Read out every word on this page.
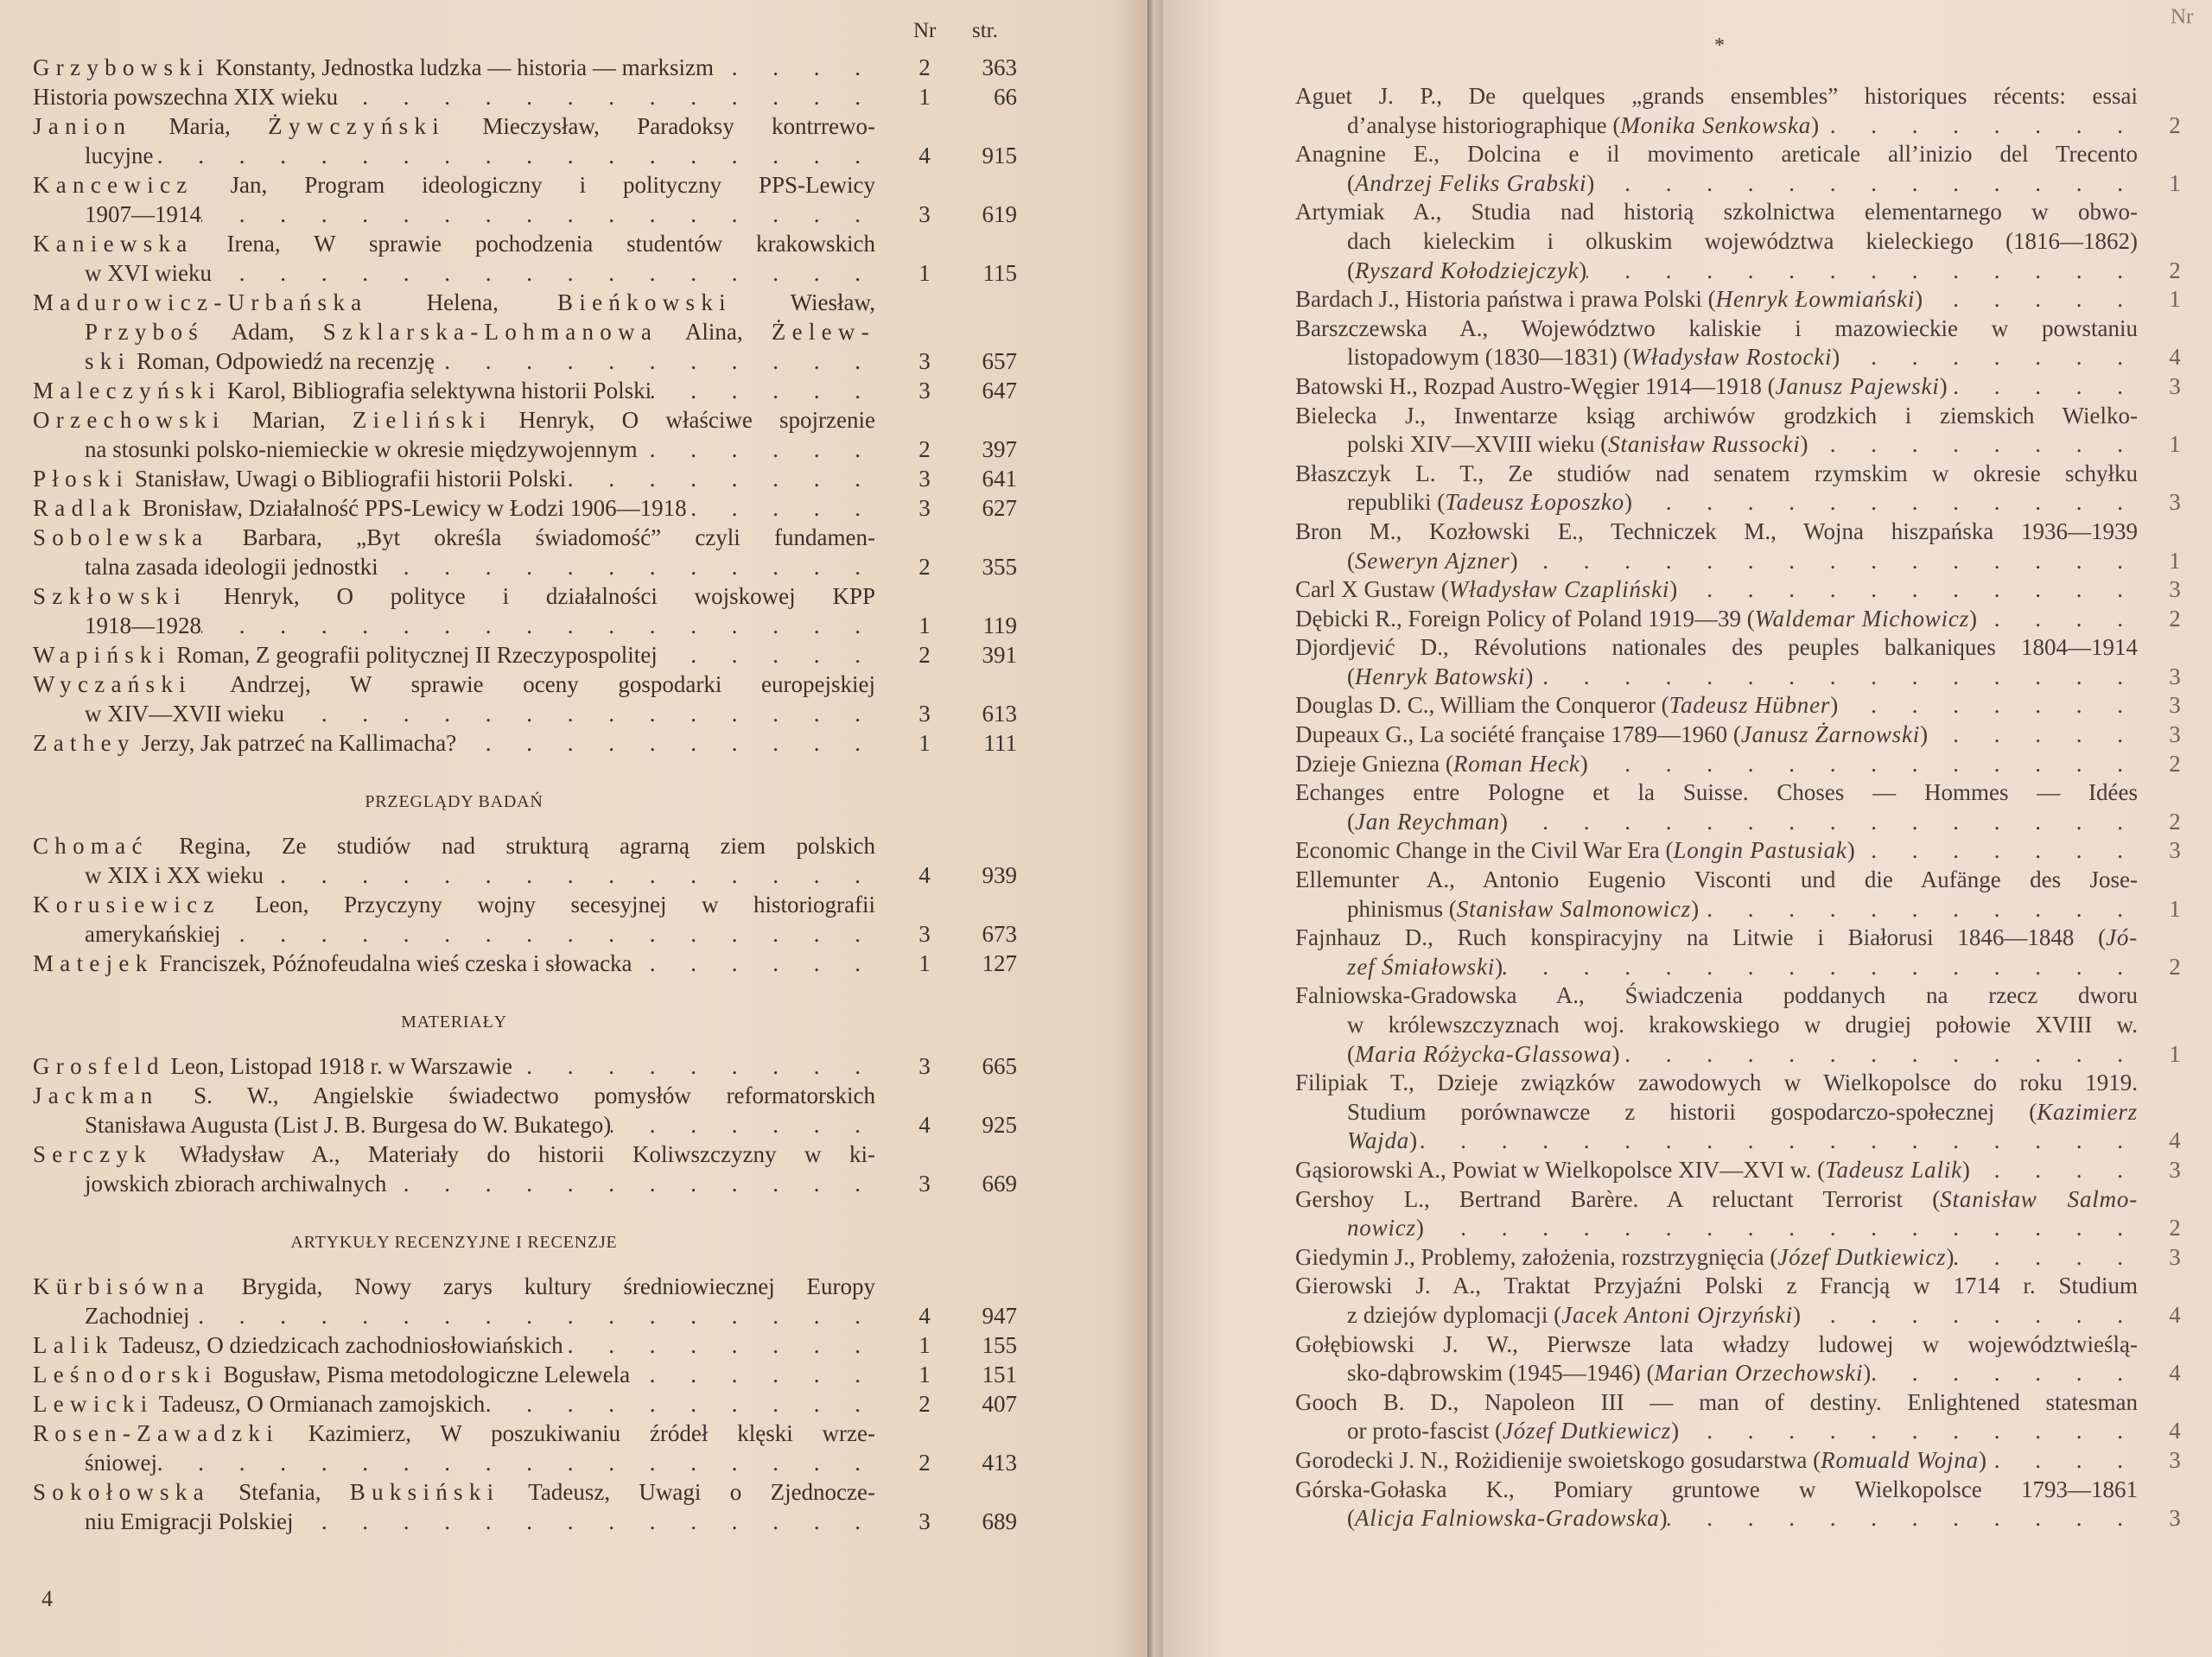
Nr str.
Grzybowski Konstanty, Jednostka ludzka — historia — marksizm . . .	2	363
Historia powszechna XIX wieku . . .	1	66
Janion Maria, Żywczyński Mieczysław, Paradoksy kontrrewo-
lucyjne . . .	4	915
Kancewicz Jan, Program ideologiczny i polityczny PPS-Lewicy
1907—1914 . . .	3	619
Kaniewska Irena, W sprawie pochodzenia studentów krakowskich
w XVI wieku . . .	1	115
Madurowicz-Urbańska Helena, Bieńkowski Wiesław,
Przyboś Adam, Szklarska-Lohmanowa Alina, Żelew-
ski Roman, Odpowiedź na recenzję . . .	3	657
Maleczyński Karol, Bibliografia selektywna historii Polski . . .	3	647
Orzechowski Marian, Zieliński Henryk, O właściwe spojrzenie
na stosunki polsko-niemieckie w okresie międzywojennym . . .	2	397
Płoski Stanisław, Uwagi o Bibliografii historii Polski . . .	3	641
Radlak Bronisław, Działalność PPS-Lewicy w Łodzi 1906—1918 . . .	3	627
Sobolewska Barbara, „Byt określa świadomość” czyli fundamen-
talna zasada ideologii jednostki . . .	2	355
Szkłowski Henryk, O polityce i działalności wojskowej KPP
1918—1928 . . .	1	119
Wapiński Roman, Z geografii politycznej II Rzeczypospolitej . . .	2	391
Wyczański Andrzej, W sprawie oceny gospodarki europejskiej
w XIV—XVII wieku . . .	3	613
Zathey Jerzy, Jak patrzeć na Kallimacha? . . .	1	111
PRZEGLĄDY BADAŃ
Chomać Regina, Ze studiów nad strukturą agrarną ziem polskich
w XIX i XX wieku . . .	4	939
Korusiewicz Leon, Przyczyny wojny secesyjnej w historiografii
amerykańskiej . . .	3	673
Matejek Franciszek, Późnofeudalna wieś czeska i słowacka . . .	1	127
MATERIAŁY
Grosfeld Leon, Listopad 1918 r. w Warszawie . . .	3	665
Jackman S. W., Angielskie świadectwo pomysłów reformatorskich
Stanisława Augusta (List J. B. Burgesa do W. Bukatego) . . .	4	925
Serczyk Władysław A., Materiały do historii Koliwszczyzny w ki-
jowskich zbiorach archiwalnych . . .	3	669
ARTYKUŁY RECENZYJNE I RECENZJE
Kürbisówna Brygida, Nowy zarys kultury średniowiecznej Europy
Zachodniej . . .	4	947
Lalik Tadeusz, O dziedzicach zachodniosłowiańskich . . .	1	155
Leśnodorski Bogusław, Pisma metodologiczne Lelewela . . .	1	151
Lewicki Tadeusz, O Ormianach zamojskich . . .	2	407
Rosen-Zawadzki Kazimierz, W poszukiwaniu źródeł klęski wrze-
śniowej . . .	2	413
Sokołowska Stefania, Buksiński Tadeusz, Uwagi o Zjednocze-
niu Emigracji Polskiej . . .	3	689
4
Nr
*
Aguet J. P., De quelques „grands ensembles” historiques récents: essai
d’analyse historiographique (Monika Senkowska) . . .	2
Anagnine E., Dolcina e il movimento areticale all’inizio del Trecento
(Andrzej Feliks Grabski) . . .	1
Artymiak A., Studia nad historią szkolnictwa elementarnego w obwo-
dach kieleckim i olkuskim województwa kieleckiego (1816—1862)
(Ryszard Kołodziejczyk) . . .	2
Bardach J., Historia państwa i prawa Polski (Henryk Łowmiański) . . .	1
Barszczewska A., Województwo kaliskie i mazowieckie w powstaniu
listopadowym (1830—1831) (Władysław Rostocki) . . .	4
Batowski H., Rozpad Austro-Węgier 1914—1918 (Janusz Pajewski) . . .	3
Bielecka J., Inwentarze ksiąg archiwów grodzkich i ziemskich Wielko-
polski XIV—XVIII wieku (Stanisław Russocki) . . .	1
Błaszczyk L. T., Ze studiów nad senatem rzymskim w okresie schyłku
republiki (Tadeusz Łoposzko) . . .	3
Bron M., Kozłowski E., Techniczek M., Wojna hiszpańska 1936—1939
(Seweryn Ajzner) . . .	1
Carl X Gustaw (Władysław Czapliński) . . .	3
Dębicki R., Foreign Policy of Poland 1919—39 (Waldemar Michowicz) . . .	2
Djordjević D., Révolutions nationales des peuples balkaniques 1804—1914
(Henryk Batowski) . . .	3
Douglas D. C., William the Conqueror (Tadeusz Hübner) . . .	3
Dupeaux G., La société française 1789—1960 (Janusz Żarnowski) . . .	3
Dzieje Gniezna (Roman Heck) . . .	2
Echanges entre Pologne et la Suisse. Choses — Hommes — Idées
(Jan Reychman) . . .	2
Economic Change in the Civil War Era (Longin Pastusiak) . . .	3
Ellemunter A., Antonio Eugenio Visconti und die Aufänge des Jose-
phinismus (Stanisław Salmonowicz) . . .	1
Fajnhauz D., Ruch konspiracyjny na Litwie i Białorusi 1846—1848 (Jó-
zef Śmiałowski) . . .	2
Falniowska-Gradowska A., Świadczenia poddanych na rzecz dworu
w królewszczyznach woj. krakowskiego w drugiej połowie XVIII w.
(Maria Różycka-Glassowa) . . .	1
Filipiak T., Dzieje związków zawodowych w Wielkopolsce do roku 1919.
Studium porównawcze z historii gospodarczo-społecznej (Kazimierz
Wajda) . . .	4
Gąsiorowski A., Powiat w Wielkopolsce XIV—XVI w. (Tadeusz Lalik) . . .	3
Gershoy L., Bertrand Barère. A reluctant Terrorist (Stanisław Salmo-
nowicz) . . .	2
Giedymin J., Problemy, założenia, rozstrzygnięcia (Józef Dutkiewicz) . . .	3
Gierowski J. A., Traktat Przyjaźni Polski z Francją w 1714 r. Studium
z dziejów dyplomacji (Jacek Antoni Ojrzyński) . . .	4
Gołębiowski J. W., Pierwsze lata władzy ludowej w województwieślą-
sko-dąbrowskim (1945—1946) (Marian Orzechowski) . . .	4
Gooch B. D., Napoleon III — man of destiny. Enlightened statesman
or proto-fascist (Józef Dutkiewicz) . . .	4
Gorodecki J. N., Rożidienije swoietskogo gosudarstwa (Romuald Wojna) . . .	3
Górska-Gołaska K., Pomiary gruntowe w Wielkopolsce 1793—1861
(Alicja Falniowska-Gradowska) . . .	3
